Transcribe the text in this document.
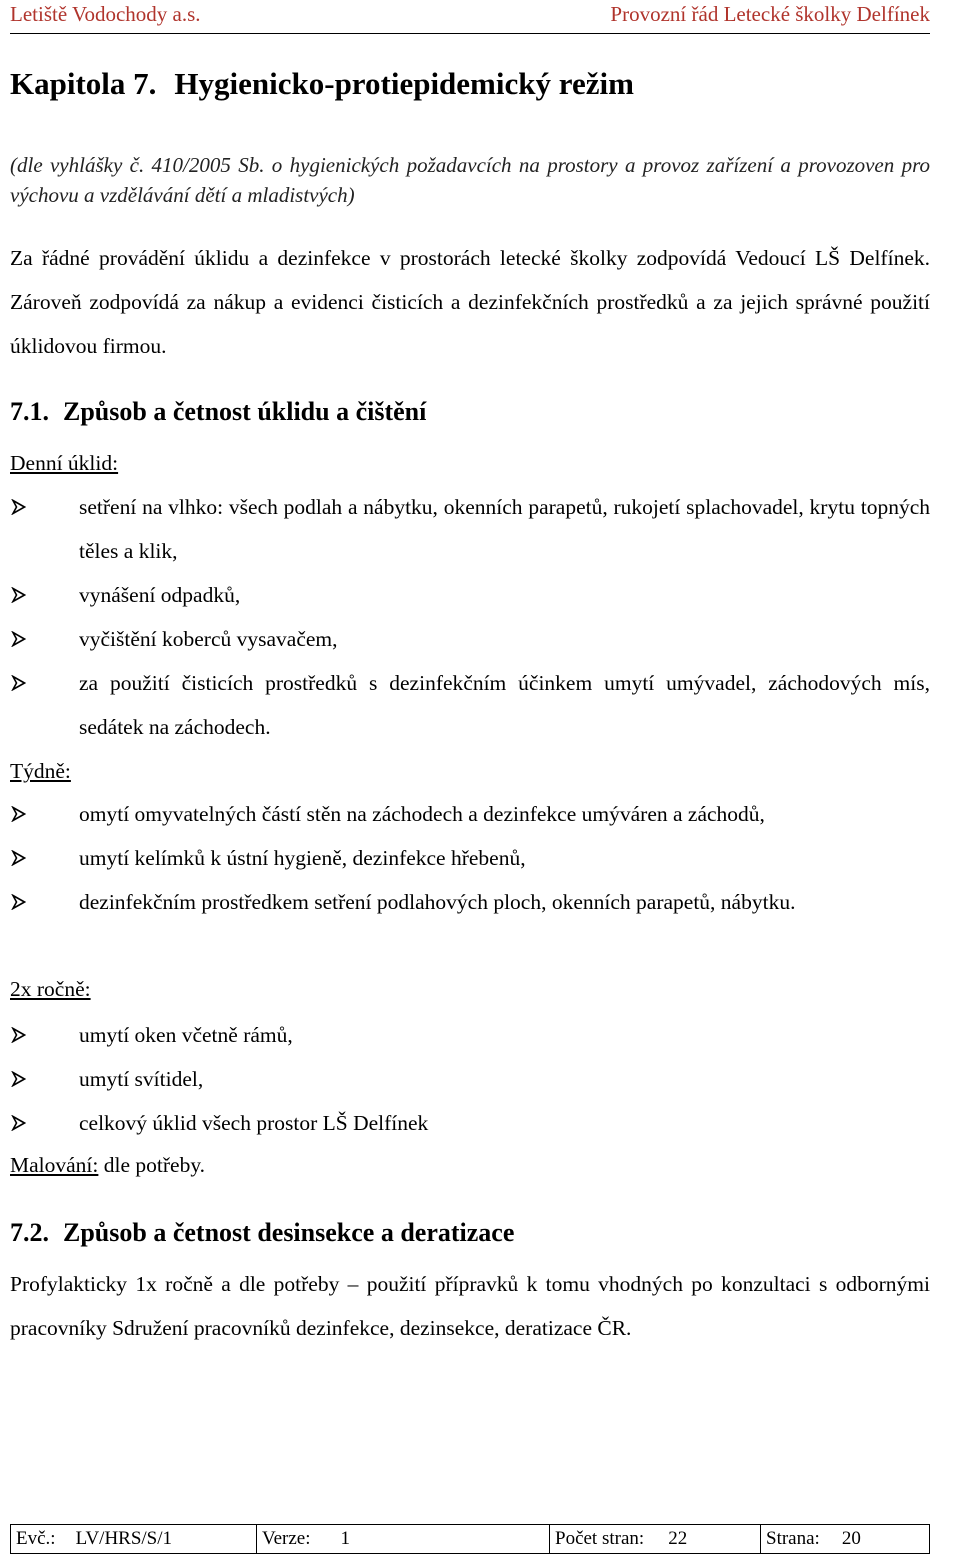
Letiště Vodochody a.s.	Provozní řád Letecké školky Delfínek
Kapitola 7. Hygienicko-protiepidemický režim

(dle vyhlášky č. 410/2005 Sb. o hygienických požadavcích na prostory a provoz zařízení a provozoven pro výchovu a vzdělávání dětí a mladistvých)

Za řádné provádění úklidu a dezinfekce v prostorách letecké školky zodpovídá Vedoucí LŠ Delfínek. Zároveň zodpovídá za nákup a evidenci čisticích a dezinfekčních prostředků a za jejich správné použití úklidovou firmou.

7.1. Způsob a četnost úklidu a čištění

Denní úklid:

setření na vlhko: všech podlah a nábytku, okenních parapetů, rukojetí splachovadel, krytu topných těles a klik,
vynášení odpadků,
vyčištění koberců vysavačem,
za použití čisticích prostředků s dezinfekčním účinkem umytí umývadel, záchodových mís, sedátek na záchodech.

Týdně:

omytí omyvatelných částí stěn na záchodech a dezinfekce umýváren a záchodů,
umytí kelímků k ústní hygieně, dezinfekce hřebenů,
dezinfekčním prostředkem setření podlahových ploch, okenních parapetů, nábytku.

2x ročně:

umytí oken včetně rámů,
umytí svítidel,
celkový úklid všech prostor LŠ Delfínek

Malování: dle potřeby.

7.2. Způsob a četnost desinsekce a deratizace

Profylakticky 1x ročně a dle potřeby – použití přípravků k tomu vhodných po konzultaci s odbornými pracovníky Sdružení pracovníků dezinfekce, dezinsekce, deratizace ČR.

Evč.: LV/HRS/S/1	Verze: 1	Počet stran: 22	Strana: 20
